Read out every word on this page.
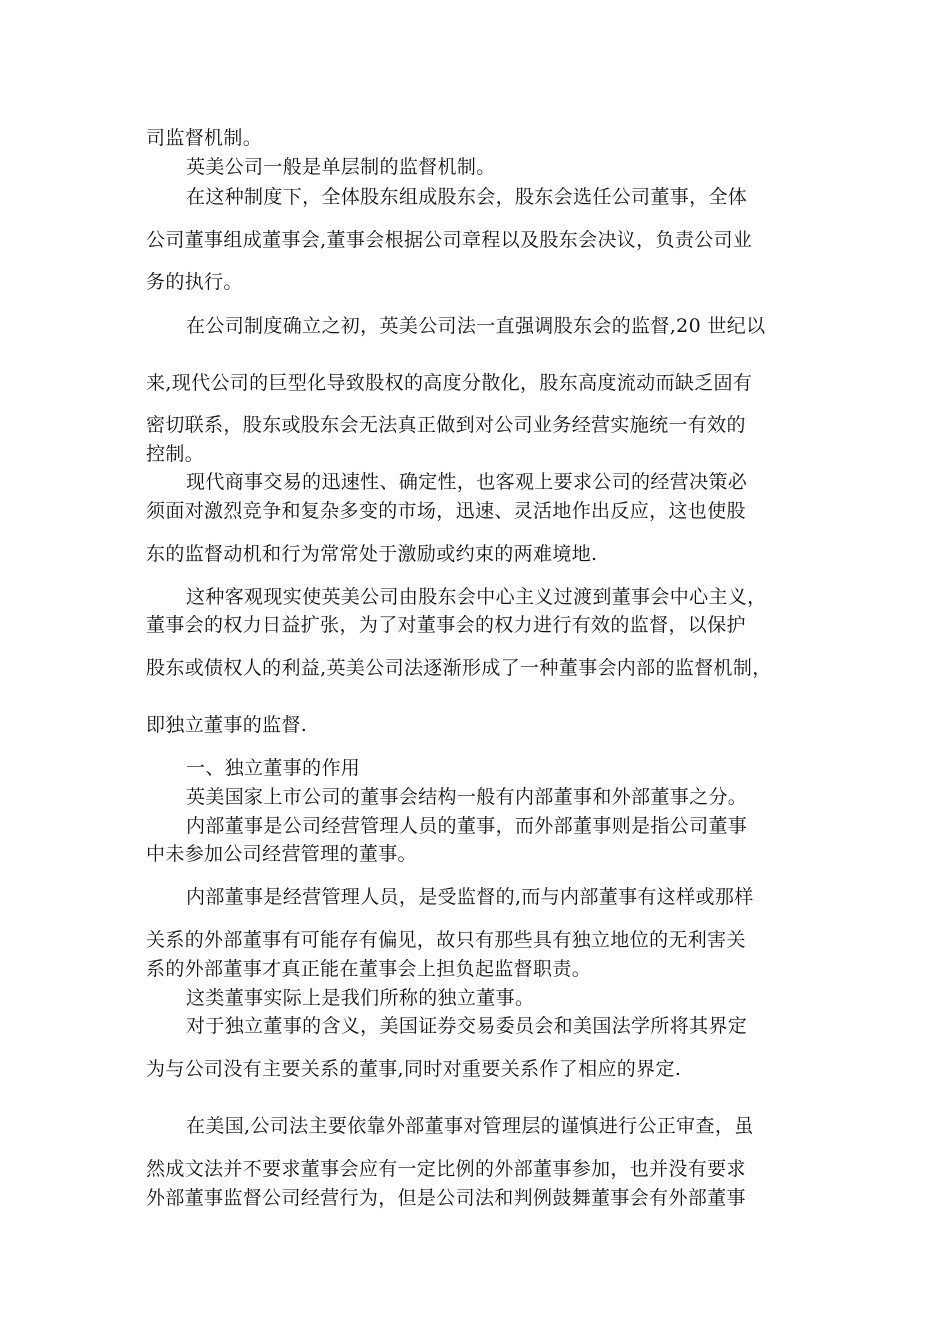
司监督机制。

英美公司一般是单层制的监督机制。

在这种制度下，全体股东组成股东会，股东会选任公司董事，全体

公司董事组成董事会,董事会根据公司章程以及股东会决议，负责公司业

务的执行。

在公司制度确立之初，英美公司法一直强调股东会的监督,20 世纪以

来,现代公司的巨型化导致股权的高度分散化，股东高度流动而缺乏固有

密切联系，股东或股东会无法真正做到对公司业务经营实施统一有效的

控制。

现代商事交易的迅速性、确定性，也客观上要求公司的经营决策必

须面对激烈竞争和复杂多变的市场，迅速、灵活地作出反应，这也使股

东的监督动机和行为常常处于激励或约束的两难境地.

这种客观现实使英美公司由股东会中心主义过渡到董事会中心主义，

董事会的权力日益扩张，为了对董事会的权力进行有效的监督，以保护

股东或债权人的利益,英美公司法逐渐形成了一种董事会内部的监督机制，

即独立董事的监督.

一、独立董事的作用

英美国家上市公司的董事会结构一般有内部董事和外部董事之分。

内部董事是公司经营管理人员的董事，而外部董事则是指公司董事

中未参加公司经营管理的董事。

内部董事是经营管理人员，是受监督的,而与内部董事有这样或那样

关系的外部董事有可能存有偏见，故只有那些具有独立地位的无利害关

系的外部董事才真正能在董事会上担负起监督职责。

这类董事实际上是我们所称的独立董事。

对于独立董事的含义，美国证券交易委员会和美国法学所将其界定

为与公司没有主要关系的董事,同时对重要关系作了相应的界定.

在美国,公司法主要依靠外部董事对管理层的谨慎进行公正审查，虽

然成文法并不要求董事会应有一定比例的外部董事参加，也并没有要求

外部董事监督公司经营行为，但是公司法和判例鼓舞董事会有外部董事
